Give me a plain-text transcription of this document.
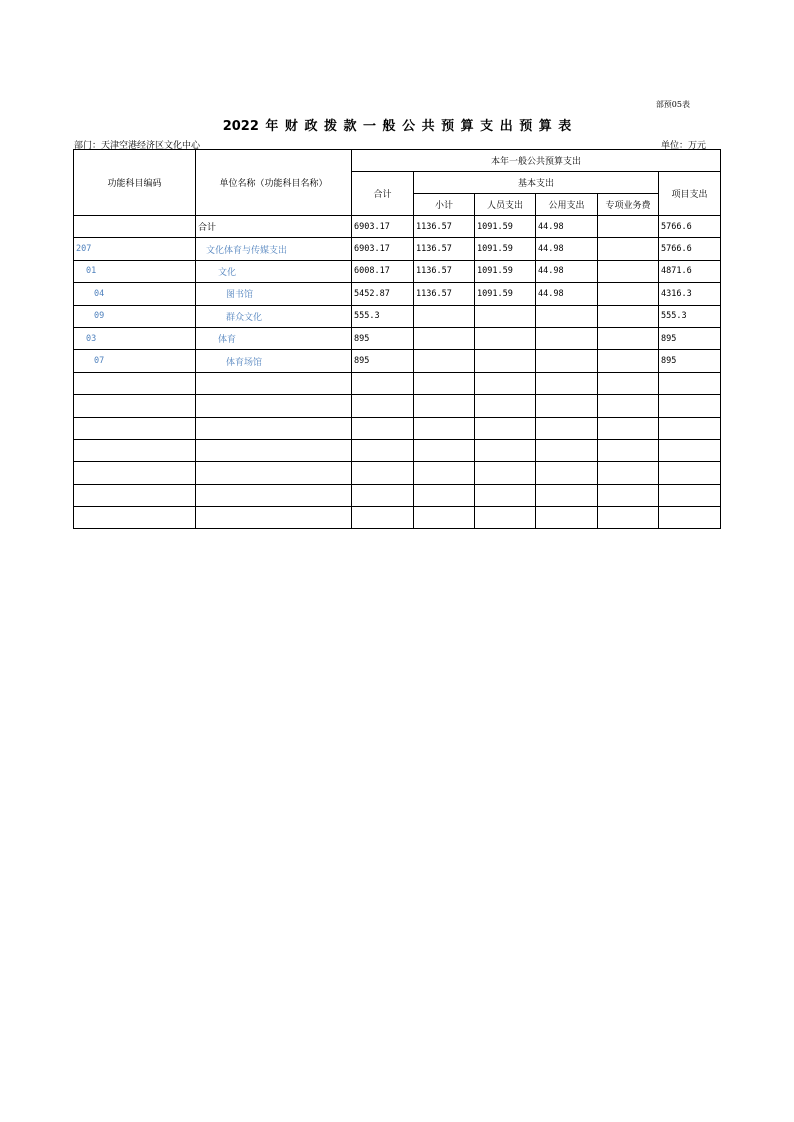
部预05表
2022 年 财 政 拨 款 一 般 公 共 预 算 支 出 预 算 表
部门：天津空港经济区文化中心	单位：万元
功能科目编码	单位名称（功能科目名称）	本年一般公共预算支出					
		合计	基本支出				项目支出
			小计	人员支出	公用支出	专项业务费	
	合计	6903.17	1136.57	1091.59	44.98		5766.6
207	文化体育与传媒支出	6903.17	1136.57	1091.59	44.98		5766.6
01	文化	6008.17	1136.57	1091.59	44.98		4871.6
04	图书馆	5452.87	1136.57	1091.59	44.98		4316.3
09	群众文化	555.3					555.3
03	体育	895					895
07	体育场馆	895					895
